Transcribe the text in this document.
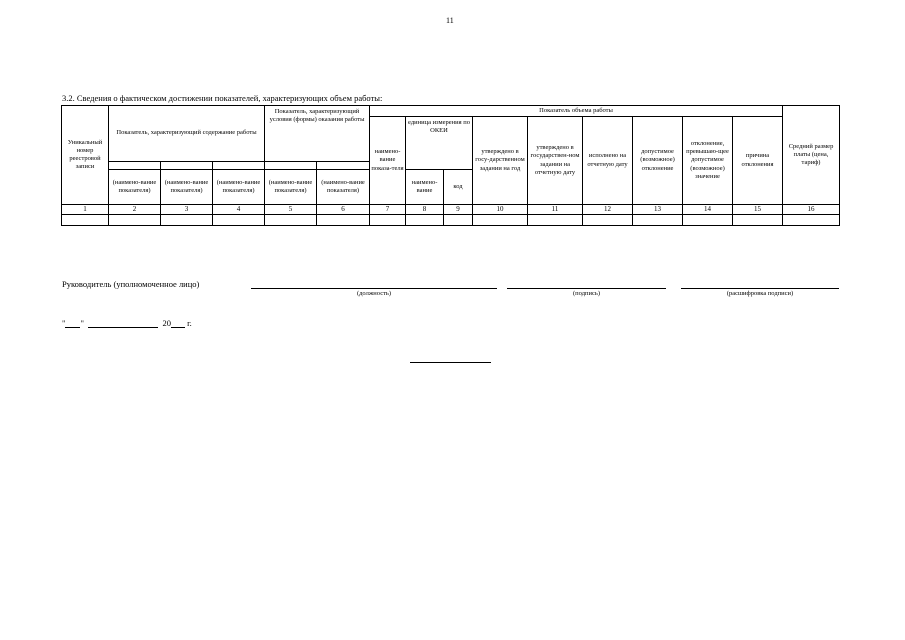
11
3.2. Сведения о фактическом достижении показателей, характеризующих объем работы:
Уникальный номер реестровой записи	Показатель, характеризующий содержание работы			Показатель, характеризующий условия (формы) оказания работы		Показатель объема работы									Средний размер платы (цена, тариф)
						наимено-вание показа-теля	единица измерения по ОКЕИ		утверждено в госу-дарственном задании на год	утверждено в государствен-ном задании на отчетную дату	исполнено на отчетную дату	допустимое (возможное) отклонение	отклонение, превышаю-щее допустимое (возможное) значение	причина отклонения	

	(наимено-вание показателя)	(наимено-вание показателя)	(наимено-вание показателя)	(наимено-вание показателя)	(наимено-вание показателя)		наимено-вание	код							
1	2	3	4	5	6	7	8	9	10	11	12	13	14	15	16

Руководитель (уполномоченное лицо)
(должность)	(подпись)	(расшифровка подписи)
" "	20 г.
